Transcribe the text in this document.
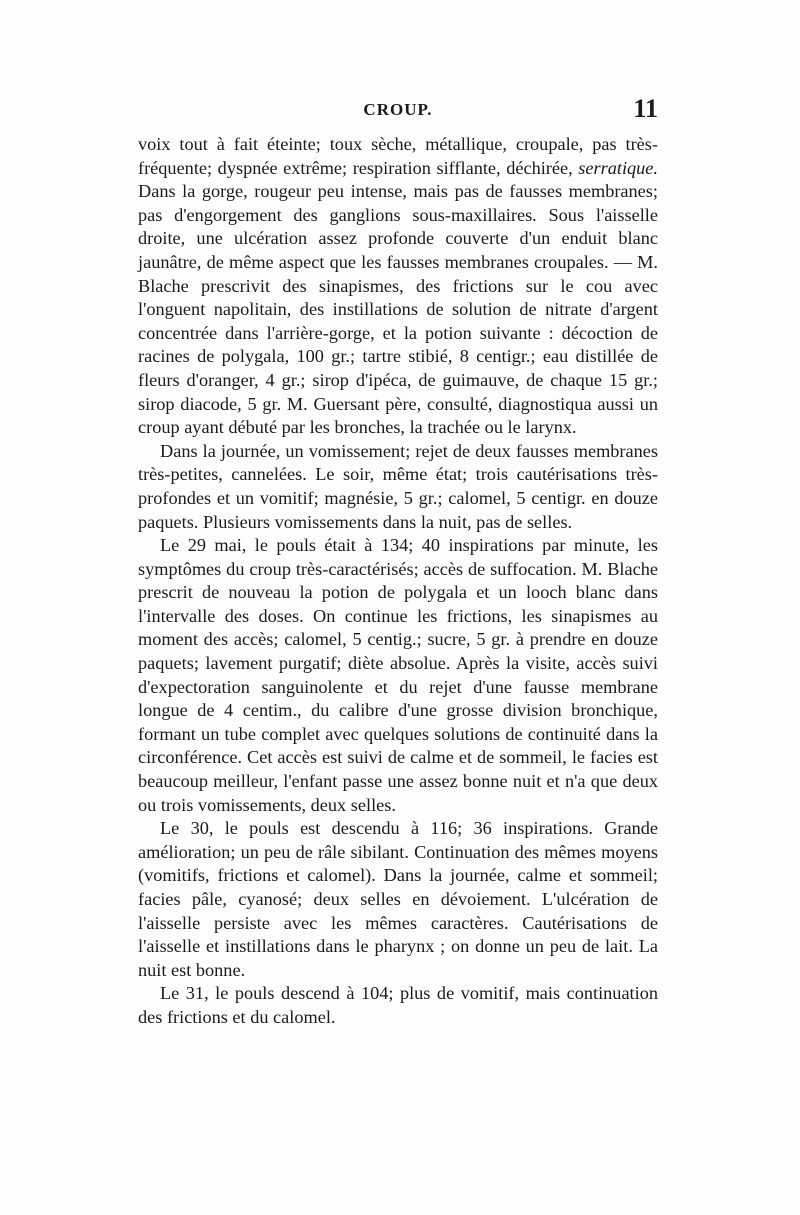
CROUP.	11

voix tout à fait éteinte; toux sèche, métallique, croupale, pas très-fréquente; dyspnée extrême; respiration sifflante, déchirée, serratique. Dans la gorge, rougeur peu intense, mais pas de fausses membranes; pas d'engorgement des ganglions sous-maxillaires. Sous l'aisselle droite, une ulcération assez profonde couverte d'un enduit blanc jaunâtre, de même aspect que les fausses membranes croupales. — M. Blache prescrivit des sinapismes, des frictions sur le cou avec l'onguent napolitain, des instillations de solution de nitrate d'argent concentrée dans l'arrière-gorge, et la potion suivante : décoction de racines de polygala, 100 gr.; tartre stibié, 8 centigr.; eau distillée de fleurs d'oranger, 4 gr.; sirop d'ipéca, de guimauve, de chaque 15 gr.; sirop diacode, 5 gr. M. Guersant père, consulté, diagnostiqua aussi un croup ayant débuté par les bronches, la trachée ou le larynx.

Dans la journée, un vomissement; rejet de deux fausses membranes très-petites, cannelées. Le soir, même état; trois cautérisations très-profondes et un vomitif; magnésie, 5 gr.; calomel, 5 centigr. en douze paquets. Plusieurs vomissements dans la nuit, pas de selles.

Le 29 mai, le pouls était à 134; 40 inspirations par minute, les symptômes du croup très-caractérisés; accès de suffocation. M. Blache prescrit de nouveau la potion de polygala et un looch blanc dans l'intervalle des doses. On continue les frictions, les sinapismes au moment des accès; calomel, 5 centig.; sucre, 5 gr. à prendre en douze paquets; lavement purgatif; diète absolue. Après la visite, accès suivi d'expectoration sanguinolente et du rejet d'une fausse membrane longue de 4 centim., du calibre d'une grosse division bronchique, formant un tube complet avec quelques solutions de continuité dans la circonférence. Cet accès est suivi de calme et de sommeil, le facies est beaucoup meilleur, l'enfant passe une assez bonne nuit et n'a que deux ou trois vomissements, deux selles.

Le 30, le pouls est descendu à 116; 36 inspirations. Grande amélioration; un peu de râle sibilant. Continuation des mêmes moyens (vomitifs, frictions et calomel). Dans la journée, calme et sommeil; facies pâle, cyanosé; deux selles en dévoiement. L'ulcération de l'aisselle persiste avec les mêmes caractères. Cautérisations de l'aisselle et instillations dans le pharynx ; on donne un peu de lait. La nuit est bonne.

Le 31, le pouls descend à 104; plus de vomitif, mais continuation des frictions et du calomel.
